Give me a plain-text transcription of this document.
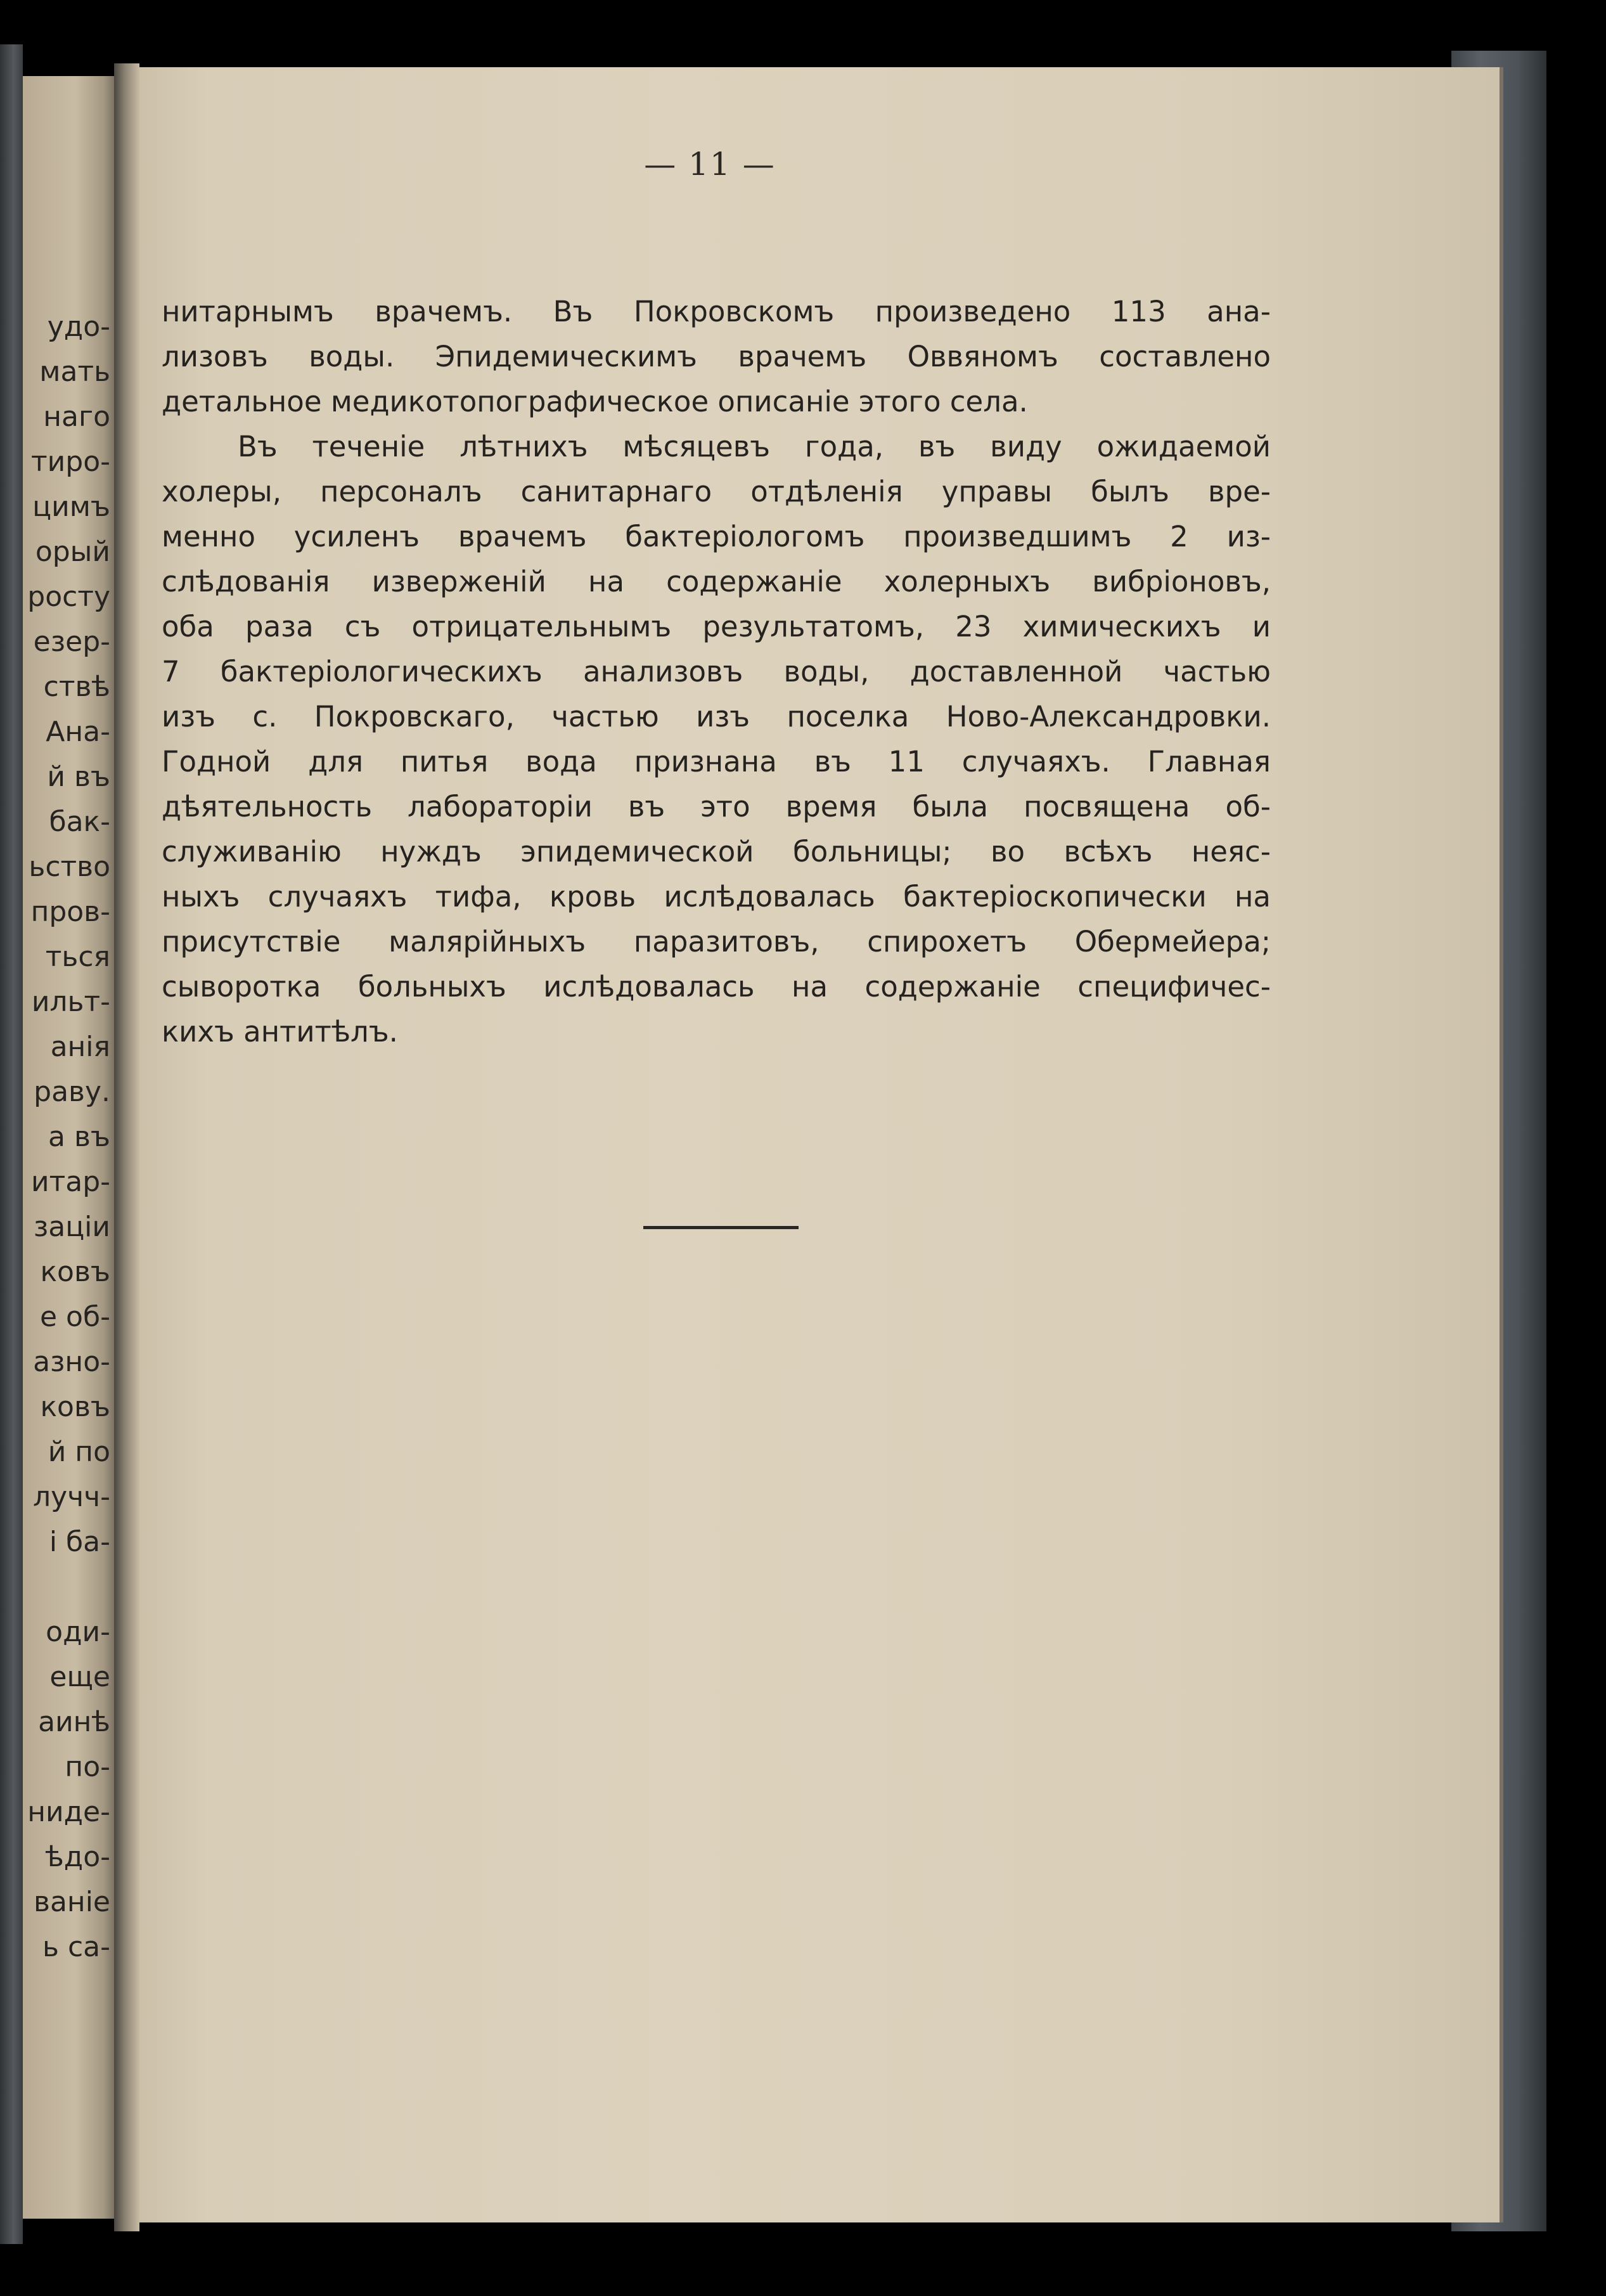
удо-
мать
наго
тиро-
цимъ
орый
росту
езер-
ствѣ
Ана-
й въ
бак-
ьство
пров-
ться
ильт-
анія
раву.
а въ
итар-
зацiи
ковъ
е об-
азно-
ковъ
й по
лучч-
і ба-
оди-
еще
аинѣ
по-
ниде-
ѣдо-
ваніе
ь са-
— 11 —
нитарнымъ врачемъ. Въ Покровскомъ произведено 113 ана-
лизовъ воды. Эпидемическимъ врачемъ Оввяномъ составлено
детальное медикотопографическое описаніе этого села.
Въ теченіе лѣтнихъ мѣсяцевъ года, въ виду ожидаемой
холеры, персоналъ санитарнаго отдѣленія управы былъ вре-
менно усиленъ врачемъ бактеріологомъ произведшимъ 2 из-
слѣдованія изверженій на содержаніе холерныхъ вибріоновъ,
оба раза съ отрицательнымъ результатомъ, 23 химическихъ и
7 бактеріологическихъ анализовъ воды, доставленной частью
изъ с. Покровскаго, частью изъ поселка Ново-Александровки.
Годной для питья вода признана въ 11 случаяхъ. Главная
дѣятельность лабораторіи въ это время была посвящена об-
служиванію нуждъ эпидемической больницы; во всѣхъ неяс-
ныхъ случаяхъ тифа, кровь ислѣдовалась бактеріоскопически на
присутствіе малярійныхъ паразитовъ, спирохетъ Обермейера;
сыворотка больныхъ ислѣдовалась на содержаніе специфичес-
кихъ антитѣлъ.
